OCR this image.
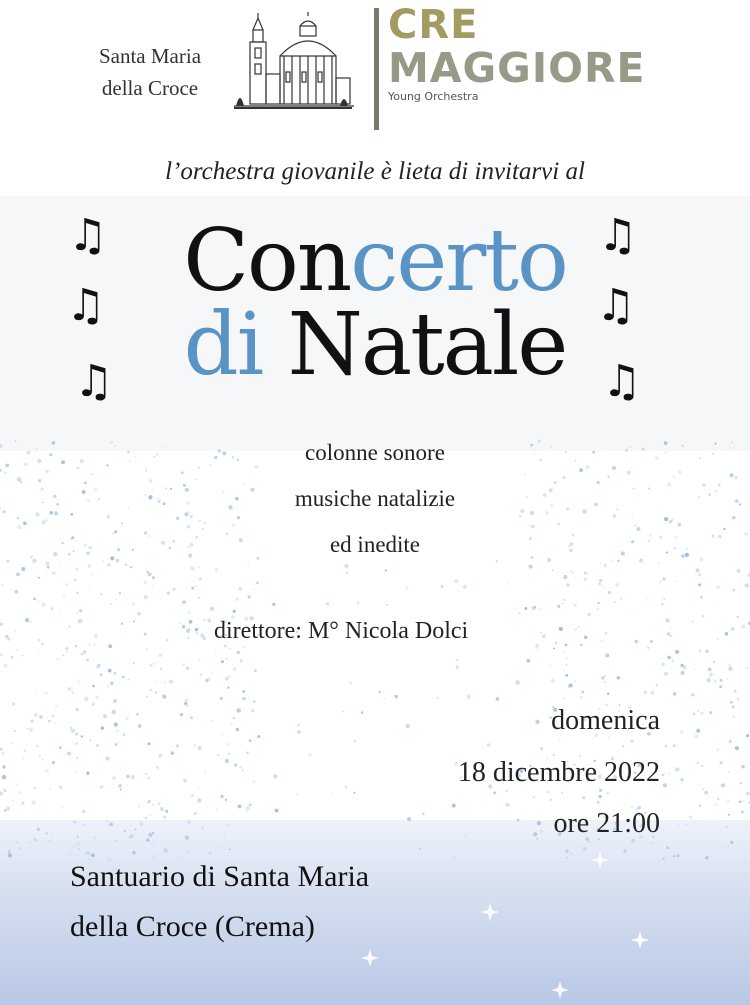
Santa Maria
della Croce
CRE
MAGGIORE
Young Orchestra
l’orchestra giovanile è lieta di invitarvi al
♫
♫
♫
♫
♫
♫
Concerto
di Natale
colonne sonore
musiche natalizie
ed inedite
direttore: M° Nicola Dolci
domenica
18 dicembre 2022
ore 21:00
Santuario di Santa Maria
della Croce (Crema)
